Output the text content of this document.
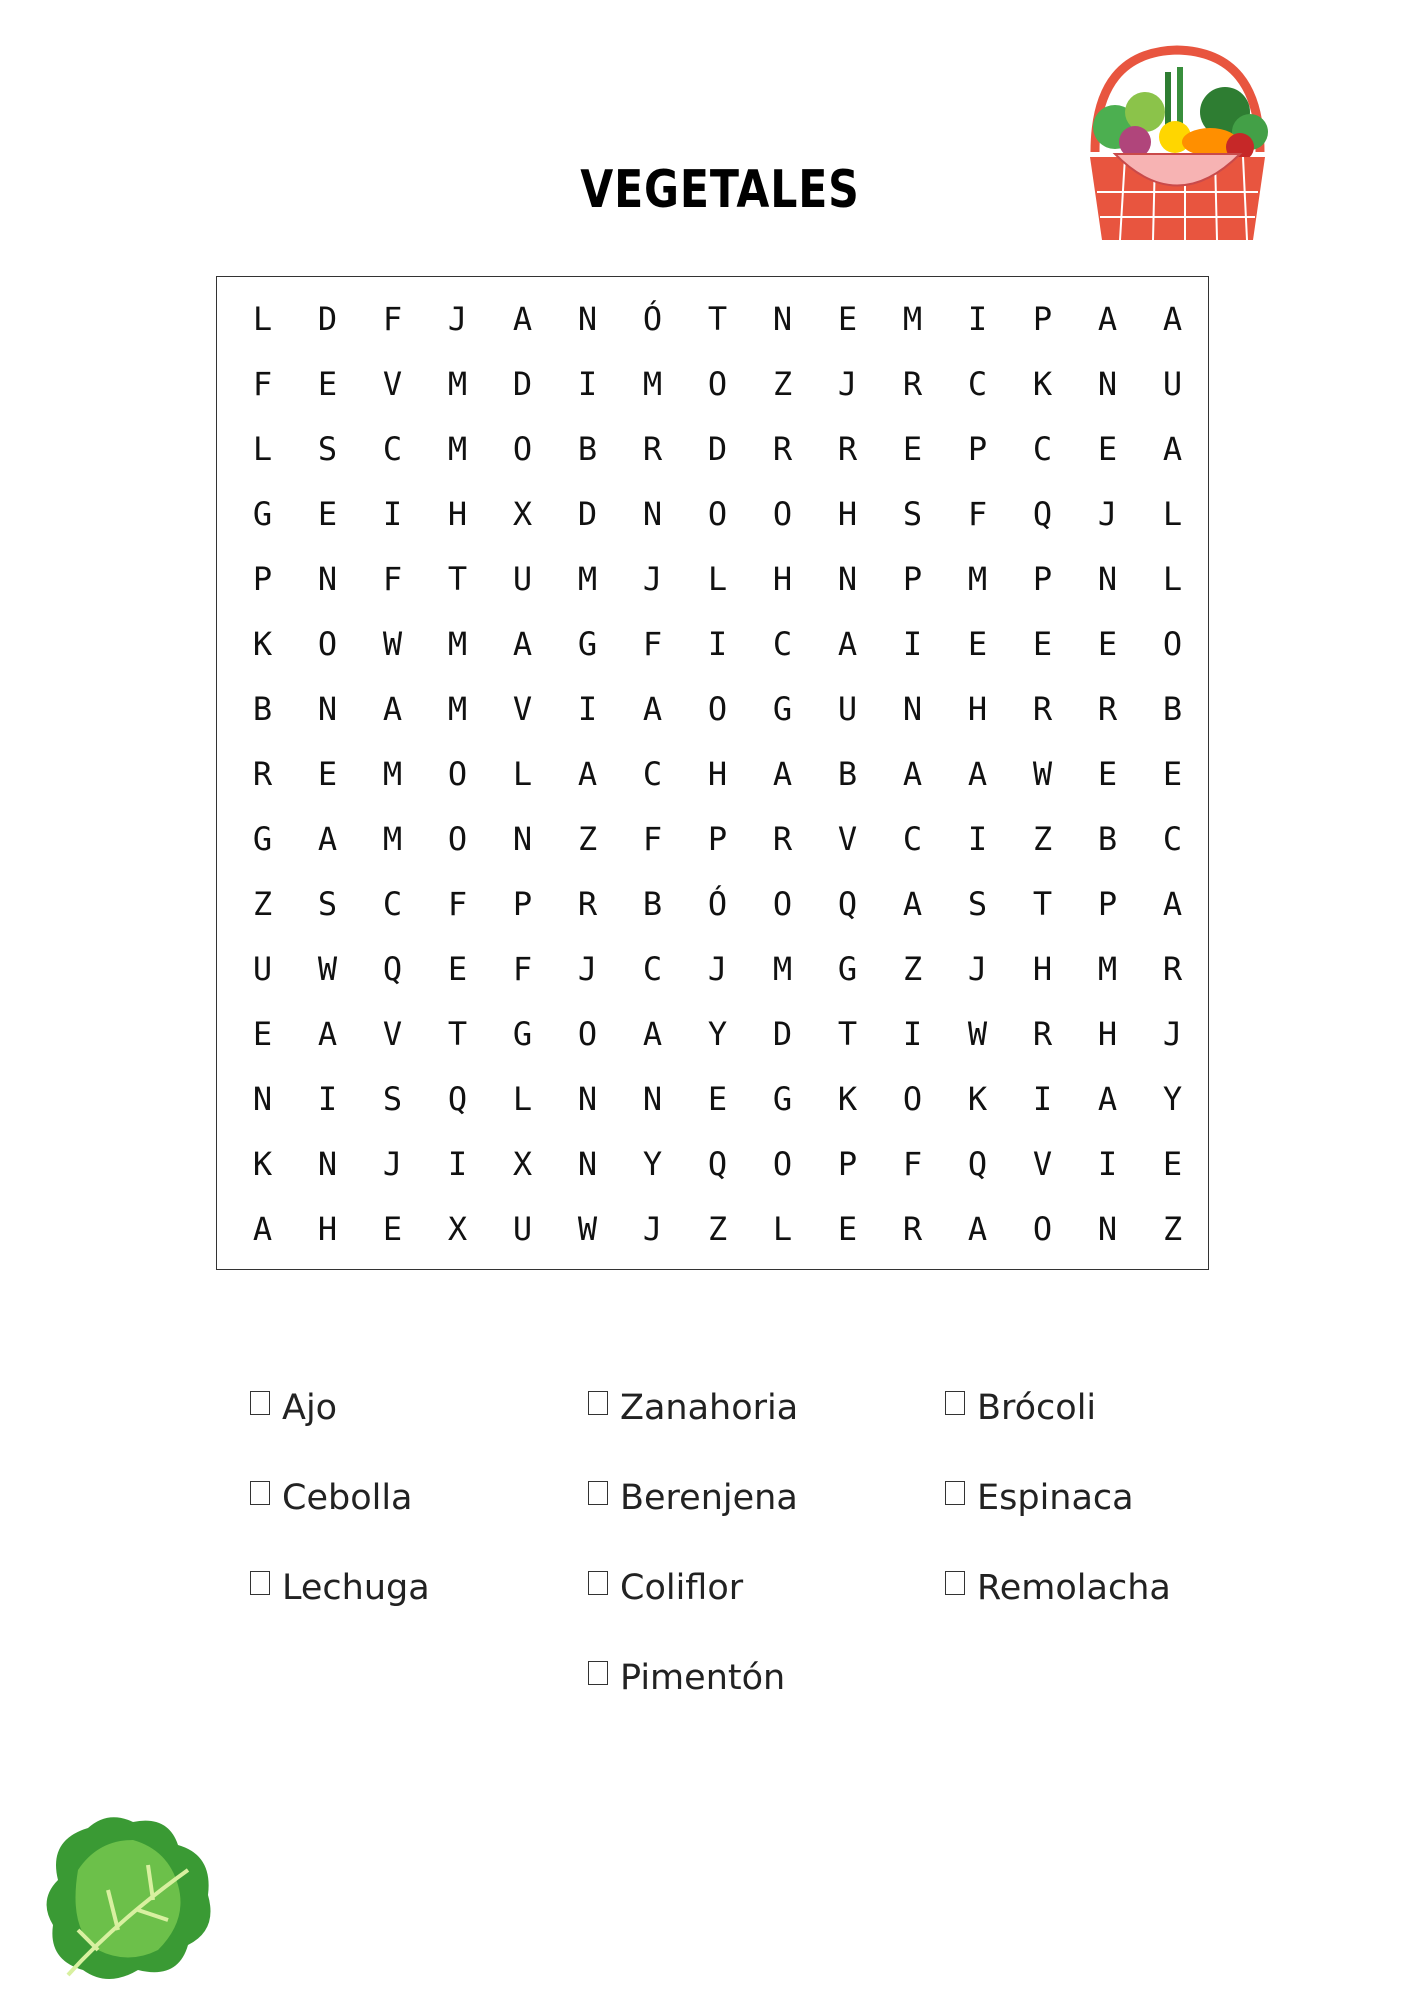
VEGETALES
L	D	F	J	A	N	Ó	T	N	E	M	I	P	A	A
F	E	V	M	D	I	M	O	Z	J	R	C	K	N	U
L	S	C	M	O	B	R	D	R	R	E	P	C	E	A
G	E	I	H	X	D	N	O	O	H	S	F	Q	J	L
P	N	F	T	U	M	J	L	H	N	P	M	P	N	L
K	O	W	M	A	G	F	I	C	A	I	E	E	E	O
B	N	A	M	V	I	A	O	G	U	N	H	R	R	B
R	E	M	O	L	A	C	H	A	B	A	A	W	E	E
G	A	M	O	N	Z	F	P	R	V	C	I	Z	B	C
Z	S	C	F	P	R	B	Ó	O	Q	A	S	T	P	A
U	W	Q	E	F	J	C	J	M	G	Z	J	H	M	R
E	A	V	T	G	O	A	Y	D	T	I	W	R	H	J
N	I	S	Q	L	N	N	E	G	K	O	K	I	A	Y
K	N	J	I	X	N	Y	Q	O	P	F	Q	V	I	E
A	H	E	X	U	W	J	Z	L	E	R	A	O	N	Z
Ajo
Cebolla
Lechuga
Zanahoria
Berenjena
Coliflor
Pimentón
Brócoli
Espinaca
Remolacha
